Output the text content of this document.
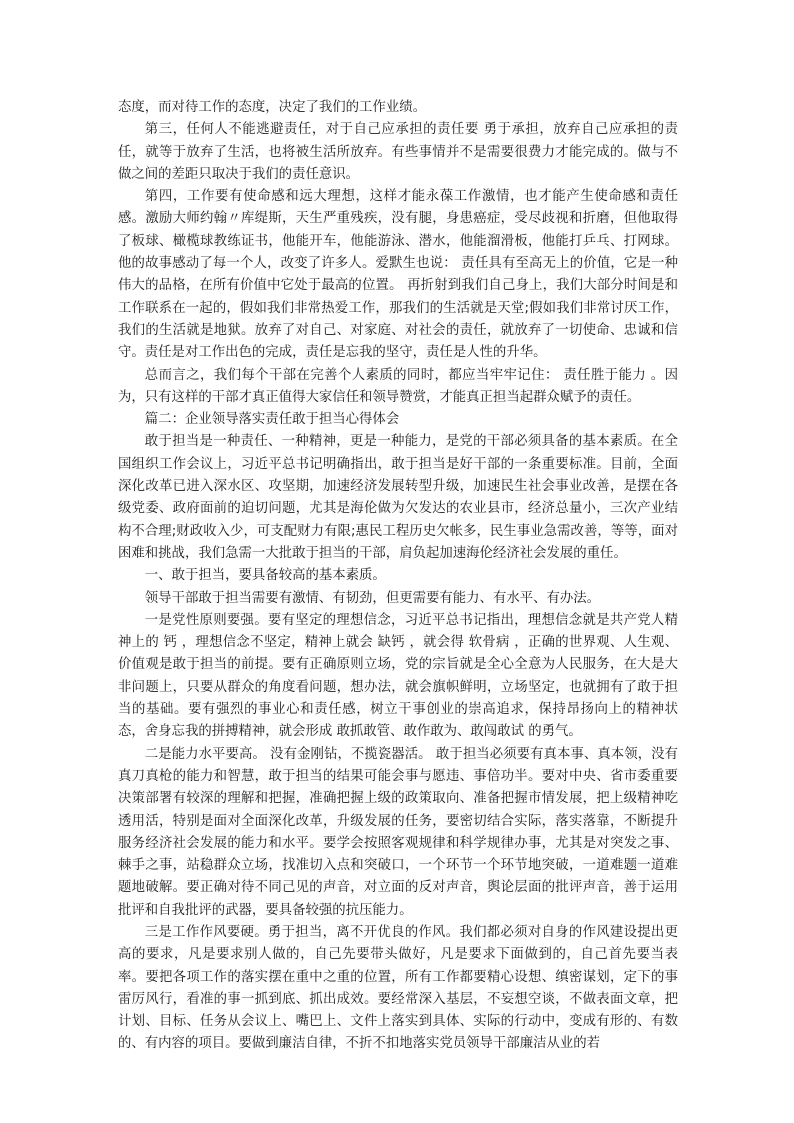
态度，而对待工作的态度，决定了我们的工作业绩。

第三，任何人不能逃避责任，对于自己应承担的责任要 勇于承担，放弃自己应承担的责任，就等于放弃了生活，也将被生活所放弃。有些事情并不是需要很费力才能完成的。做与不做之间的差距只取决于我们的责任意识。

第四，工作要有使命感和远大理想，这样才能永葆工作激情，也才能产生使命感和责任感。激励大师约翰〃库缇斯，天生严重残疾，没有腿，身患癌症，受尽歧视和折磨，但他取得了板球、橄榄球教练证书，他能开车，他能游泳、潜水，他能溜滑板，他能打乒乓、打网球。他的故事感动了每一个人，改变了许多人。爱默生也说： 责任具有至高无上的价值，它是一种伟大的品格，在所有价值中它处于最高的位置。 再折射到我们自己身上，我们大部分时间是和工作联系在一起的，假如我们非常热爱工作，那我们的生活就是天堂;假如我们非常讨厌工作，我们的生活就是地狱。放弃了对自己、对家庭、对社会的责任，就放弃了一切使命、忠诚和信守。责任是对工作出色的完成，责任是忘我的坚守，责任是人性的升华。

总而言之，我们每个干部在完善个人素质的同时，都应当牢牢记住： 责任胜于能力 。因为，只有这样的干部才真正值得大家信任和领导赞赏，才能真正担当起群众赋予的责任。

篇二：企业领导落实责任敢于担当心得体会

敢于担当是一种责任、一种精神，更是一种能力，是党的干部必须具备的基本素质。在全国组织工作会议上，习近平总书记明确指出，敢于担当是好干部的一条重要标准。目前，全面深化改革已进入深水区、攻坚期，加速经济发展转型升级，加速民生社会事业改善，是摆在各级党委、政府面前的迫切问题，尤其是海伦做为欠发达的农业县市，经济总量小，三次产业结构不合理;财政收入少，可支配财力有限;惠民工程历史欠帐多，民生事业急需改善，等等，面对困难和挑战，我们急需一大批敢于担当的干部，肩负起加速海伦经济社会发展的重任。

一、敢于担当，要具备较高的基本素质。

领导干部敢于担当需要有激情、有韧劲，但更需要有能力、有水平、有办法。

一是党性原则要强。要有坚定的理想信念，习近平总书记指出，理想信念就是共产党人精神上的 钙 ，理想信念不坚定，精神上就会 缺钙 ，就会得 软骨病 ，正确的世界观、人生观、价值观是敢于担当的前提。要有正确原则立场，党的宗旨就是全心全意为人民服务，在大是大非问题上，只要从群众的角度看问题，想办法，就会旗帜鲜明，立场坚定，也就拥有了敢于担当的基础。要有强烈的事业心和责任感，树立干事创业的崇高追求，保持昂扬向上的精神状态，舍身忘我的拼搏精神，就会形成 敢抓敢管、敢作敢为、敢闯敢试 的勇气。

二是能力水平要高。 没有金刚钻，不揽瓷器活。 敢于担当必须要有真本事、真本领，没有真刀真枪的能力和智慧，敢于担当的结果可能会事与愿违、事倍功半。要对中央、省市委重要决策部署有较深的理解和把握，准确把握上级的政策取向、准备把握市情发展，把上级精神吃透用活，特别是面对全面深化改革，升级发展的任务，要密切结合实际，落实落靠，不断提升服务经济社会发展的能力和水平。要学会按照客观规律和科学规律办事，尤其是对突发之事、棘手之事，站稳群众立场，找准切入点和突破口，一个环节一个环节地突破，一道难题一道难题地破解。要正确对待不同己见的声音，对立面的反对声音，舆论层面的批评声音，善于运用批评和自我批评的武器，要具备较强的抗压能力。

三是工作作风要硬。勇于担当，离不开优良的作风。我们都必须对自身的作风建设提出更高的要求，凡是要求别人做的，自己先要带头做好，凡是要求下面做到的，自己首先要当表率。要把各项工作的落实摆在重中之重的位置，所有工作都要精心设想、缜密谋划，定下的事雷厉风行，看准的事一抓到底、抓出成效。要经常深入基层，不妄想空谈，不做表面文章，把计划、目标、任务从会议上、嘴巴上、文件上落实到具体、实际的行动中，变成有形的、有数的、有内容的项目。要做到廉洁自律，不折不扣地落实党员领导干部廉洁从业的若
